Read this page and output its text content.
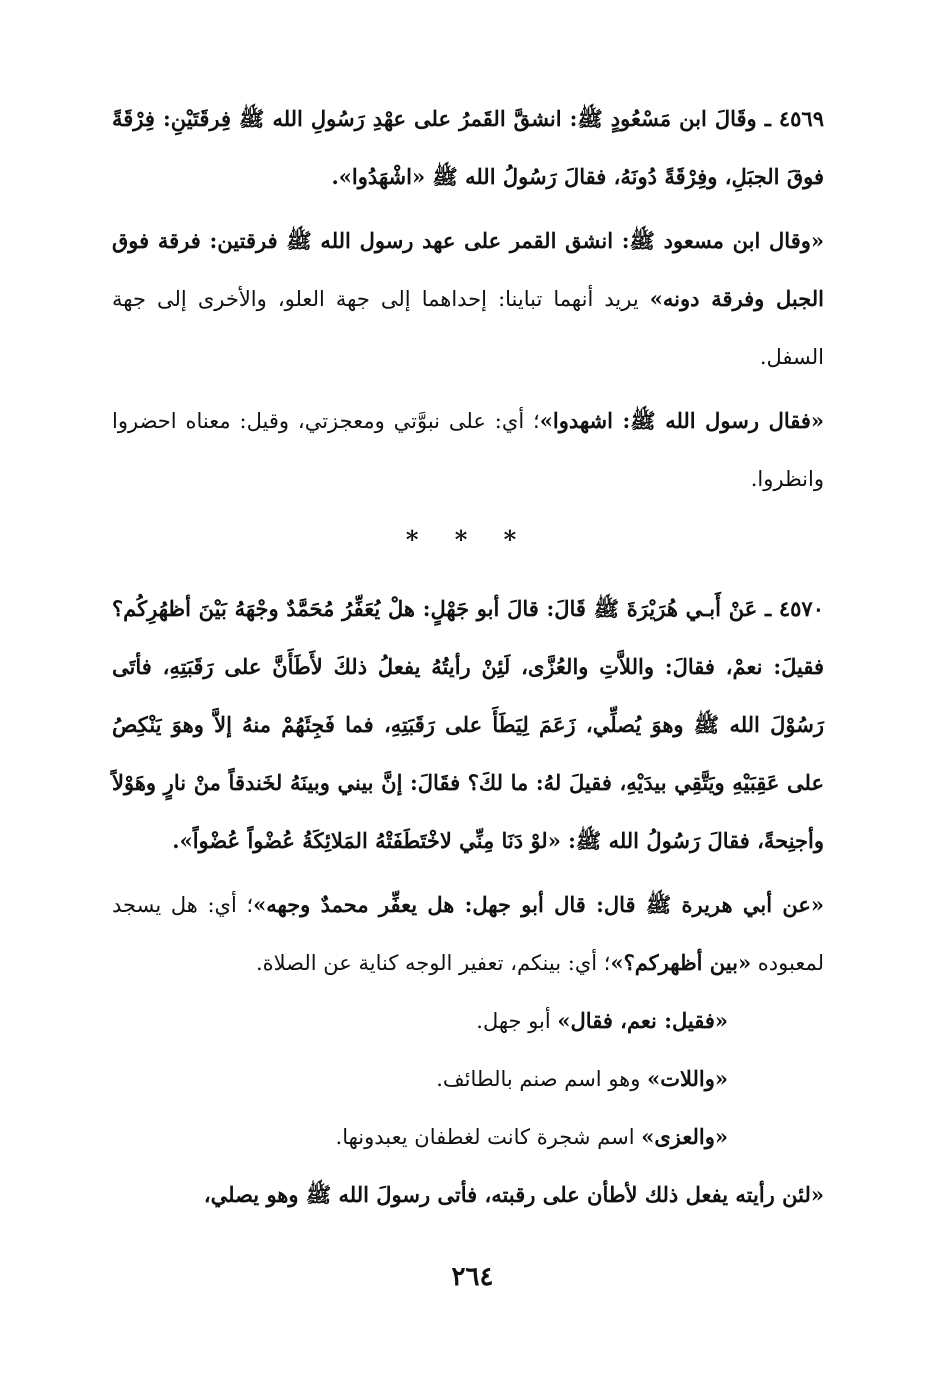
٤٥٦٩ ـ وقَالَ ابن مَسْعُودٍ ﷺ: انشقَّ القَمرُ على عهْدِ رَسُولِ الله ﷺ فِرقَتَيْنِ: فِرْقَةً فوقَ الجبَلِ، وفِرْقَةً دُونَهُ، فقالَ رَسُولُ الله ﷺ «اشْهَدُوا».

«وقال ابن مسعود ﷺ: انشق القمر على عهد رسول الله ﷺ فرقتين: فرقة فوق الجبل وفرقة دونه» يريد أنهما تباينا: إحداهما إلى جهة العلو، والأخرى إلى جهة السفل.

«فقال رسول الله ﷺ: اشهدوا»؛ أي: على نبوَّتي ومعجزتي، وقيل: معناه احضروا وانظروا.

* * *

٤٥٧٠ ـ عَنْ أَبـي هُرَيْرَةَ ﷺ قَالَ: قالَ أبو جَهْلٍ: هلْ يُعَفِّرُ مُحَمَّدٌ وجْهَهُ بَيْنَ أظهُرِكُم؟ فقيلَ: نعمْ، فقالَ: واللاَّتِ والعُزَّى، لَئِنْ رأيتُهُ يفعلُ ذلكَ لأَطَأَنَّ على رَقَبَتِهِ، فأتَى رَسُوْلَ الله ﷺ وهوَ يُصلِّي، زَعَمَ لِيَطَأَ على رَقَبَتِهِ، فما فَجِئَهُمْ منهُ إلاَّ وهوَ يَنْكِصُ على عَقِبَيْهِ ويَتَّقِي بيدَيْهِ، فقيلَ لهُ: ما لكَ؟ فقَالَ: إنَّ بيني وبينَهُ لخَندقاً منْ نارٍ وهَوْلاً وأجنِحةً، فقالَ رَسُولُ الله ﷺ: «لوْ دَنَا مِنِّي لاخْتَطَفَتْهُ المَلائِكَةُ عُضْواً عُضْواً».

«عن أبي هريرة ﷺ قال: قال أبو جهل: هل يعفِّر محمدٌ وجهه»؛ أي: هل يسجد لمعبوده «بين أظهركم؟»؛ أي: بينكم، تعفير الوجه كناية عن الصلاة.

«فقيل: نعم، فقال» أبو جهل.

«واللات» وهو اسم صنم بالطائف.

«والعزى» اسم شجرة كانت لغطفان يعبدونها.

«لئن رأيته يفعل ذلك لأطأن على رقبته، فأتى رسولَ الله ﷺ وهو يصلي،

٢٦٤
